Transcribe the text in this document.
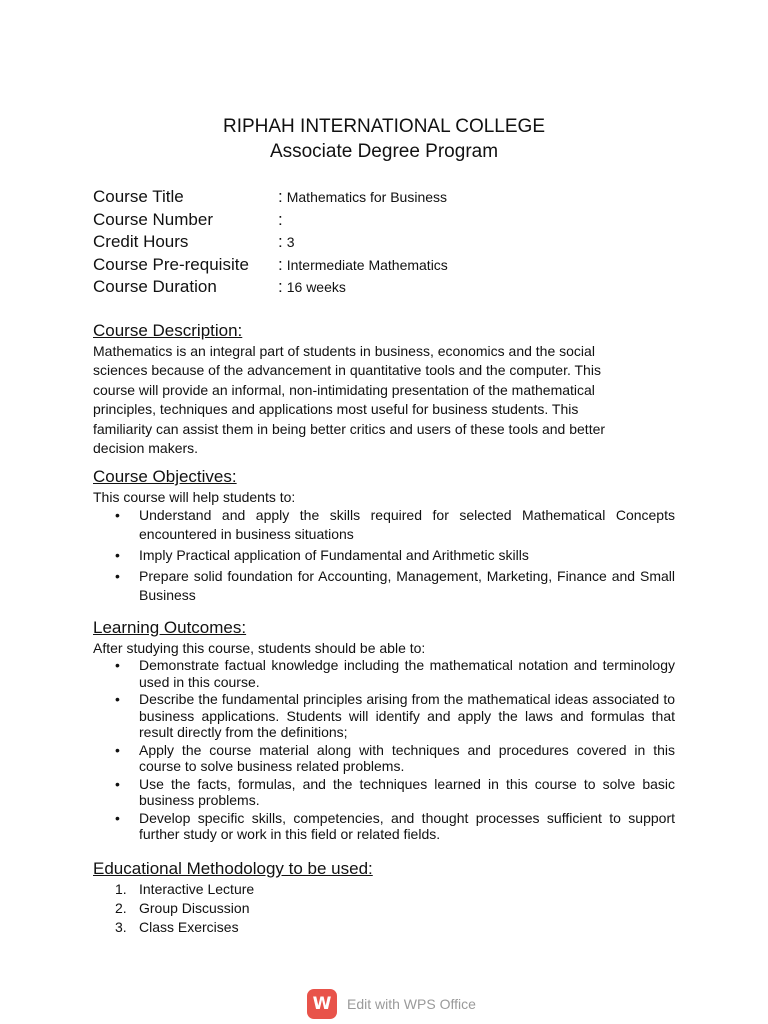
RIPHAH INTERNATIONAL COLLEGE
Associate Degree Program
Course Title	: Mathematics for Business
Course Number	:
Credit Hours	: 3
Course Pre-requisite	: Intermediate Mathematics
Course Duration	: 16 weeks
Course Description:
Mathematics is an integral part of students in business, economics and the social
sciences because of the advancement in quantitative tools and the computer. This
course will provide an informal, non-intimidating presentation of the mathematical
principles, techniques and applications most useful for business students. This
familiarity can assist them in being better critics and users of these tools and better
decision makers.
Course Objectives:
This course will help students to:
• Understand and apply the skills required for selected Mathematical Concepts encountered in business situations
• Imply Practical application of Fundamental and Arithmetic skills
• Prepare solid foundation for Accounting, Management, Marketing, Finance and Small Business
Learning Outcomes:
After studying this course, students should be able to:
• Demonstrate factual knowledge including the mathematical notation and terminology used in this course.
• Describe the fundamental principles arising from the mathematical ideas associated to business applications. Students will identify and apply the laws and formulas that result directly from the definitions;
• Apply the course material along with techniques and procedures covered in this course to solve business related problems.
• Use the facts, formulas, and the techniques learned in this course to solve basic business problems.
• Develop specific skills, competencies, and thought processes sufficient to support further study or work in this field or related fields.
Educational Methodology to be used:
1. Interactive Lecture
2. Group Discussion
3. Class Exercises
W	Edit with WPS Office
